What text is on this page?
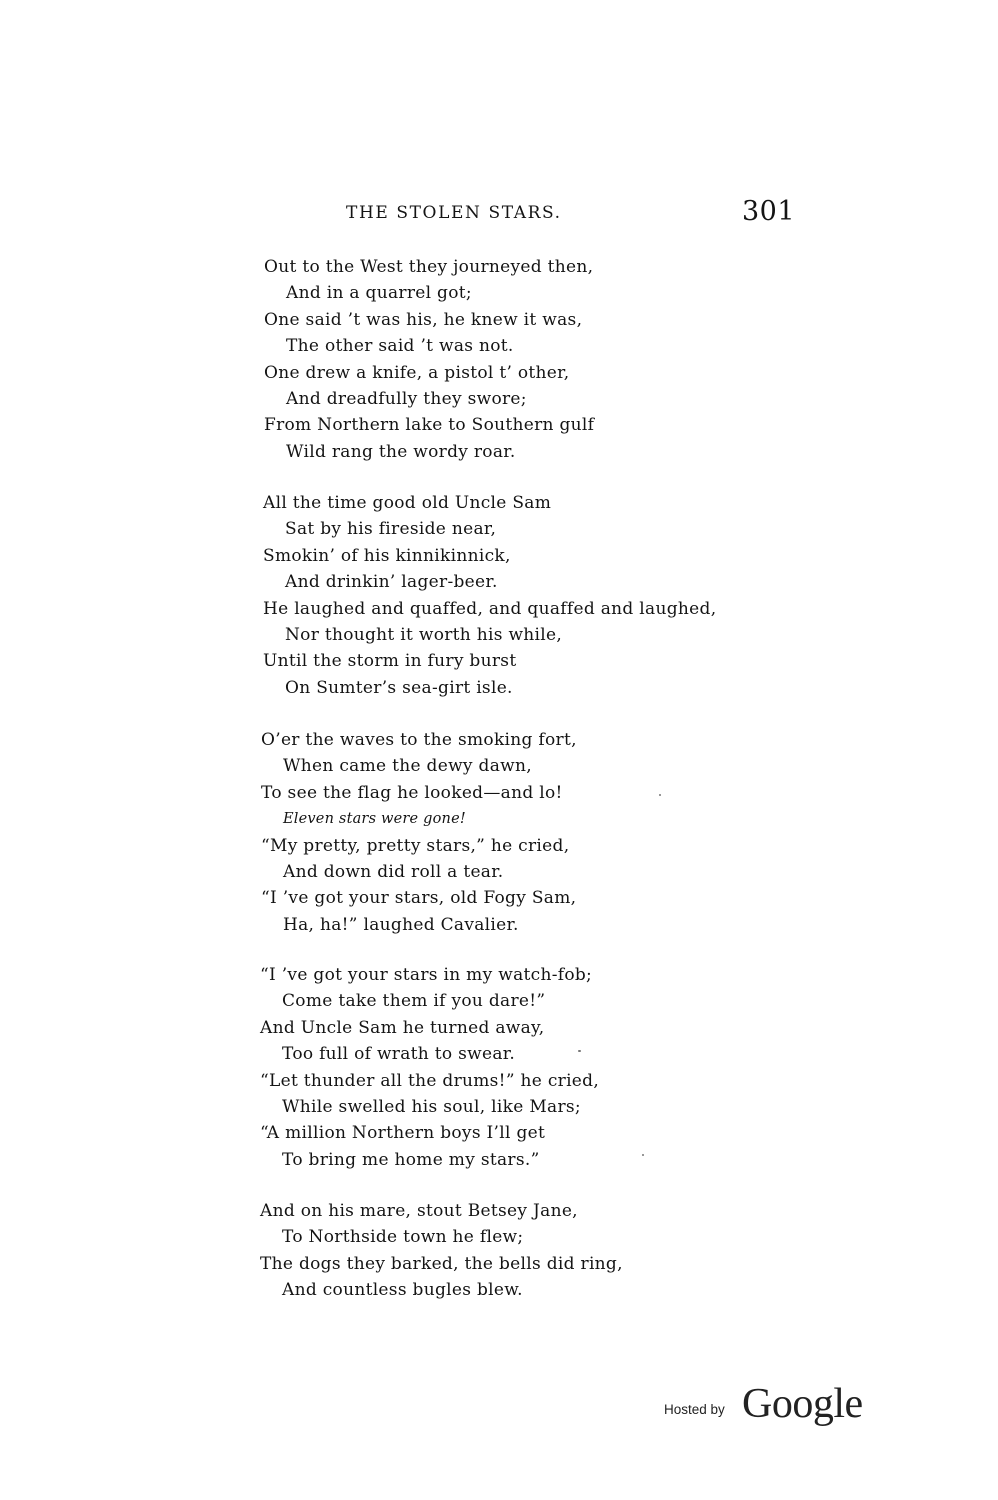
THE STOLEN STARS.	301
Out to the West they journeyed then,
And in a quarrel got;
One said ’t was his, he knew it was,
The other said ’t was not.
One drew a knife, a pistol t’ other,
And dreadfully they swore;
From Northern lake to Southern gulf
Wild rang the wordy roar.
All the time good old Uncle Sam
Sat by his fireside near,
Smokin’ of his kinnikinnick,
And drinkin’ lager-beer.
He laughed and quaffed, and quaffed and laughed,
Nor thought it worth his while,
Until the storm in fury burst
On Sumter’s sea-girt isle.
O’er the waves to the smoking fort,
When came the dewy dawn,
To see the flag he looked—and lo!
Eleven stars were gone!
“My pretty, pretty stars,” he cried,
And down did roll a tear.
“I ’ve got your stars, old Fogy Sam,
Ha, ha!” laughed Cavalier.
“I ’ve got your stars in my watch-fob;
Come take them if you dare!”
And Uncle Sam he turned away,
Too full of wrath to swear.
“Let thunder all the drums!” he cried,
While swelled his soul, like Mars;
“A million Northern boys I’ll get
To bring me home my stars.”
And on his mare, stout Betsey Jane,
To Northside town he flew;
The dogs they barked, the bells did ring,
And countless bugles blew.
Hosted by Google
